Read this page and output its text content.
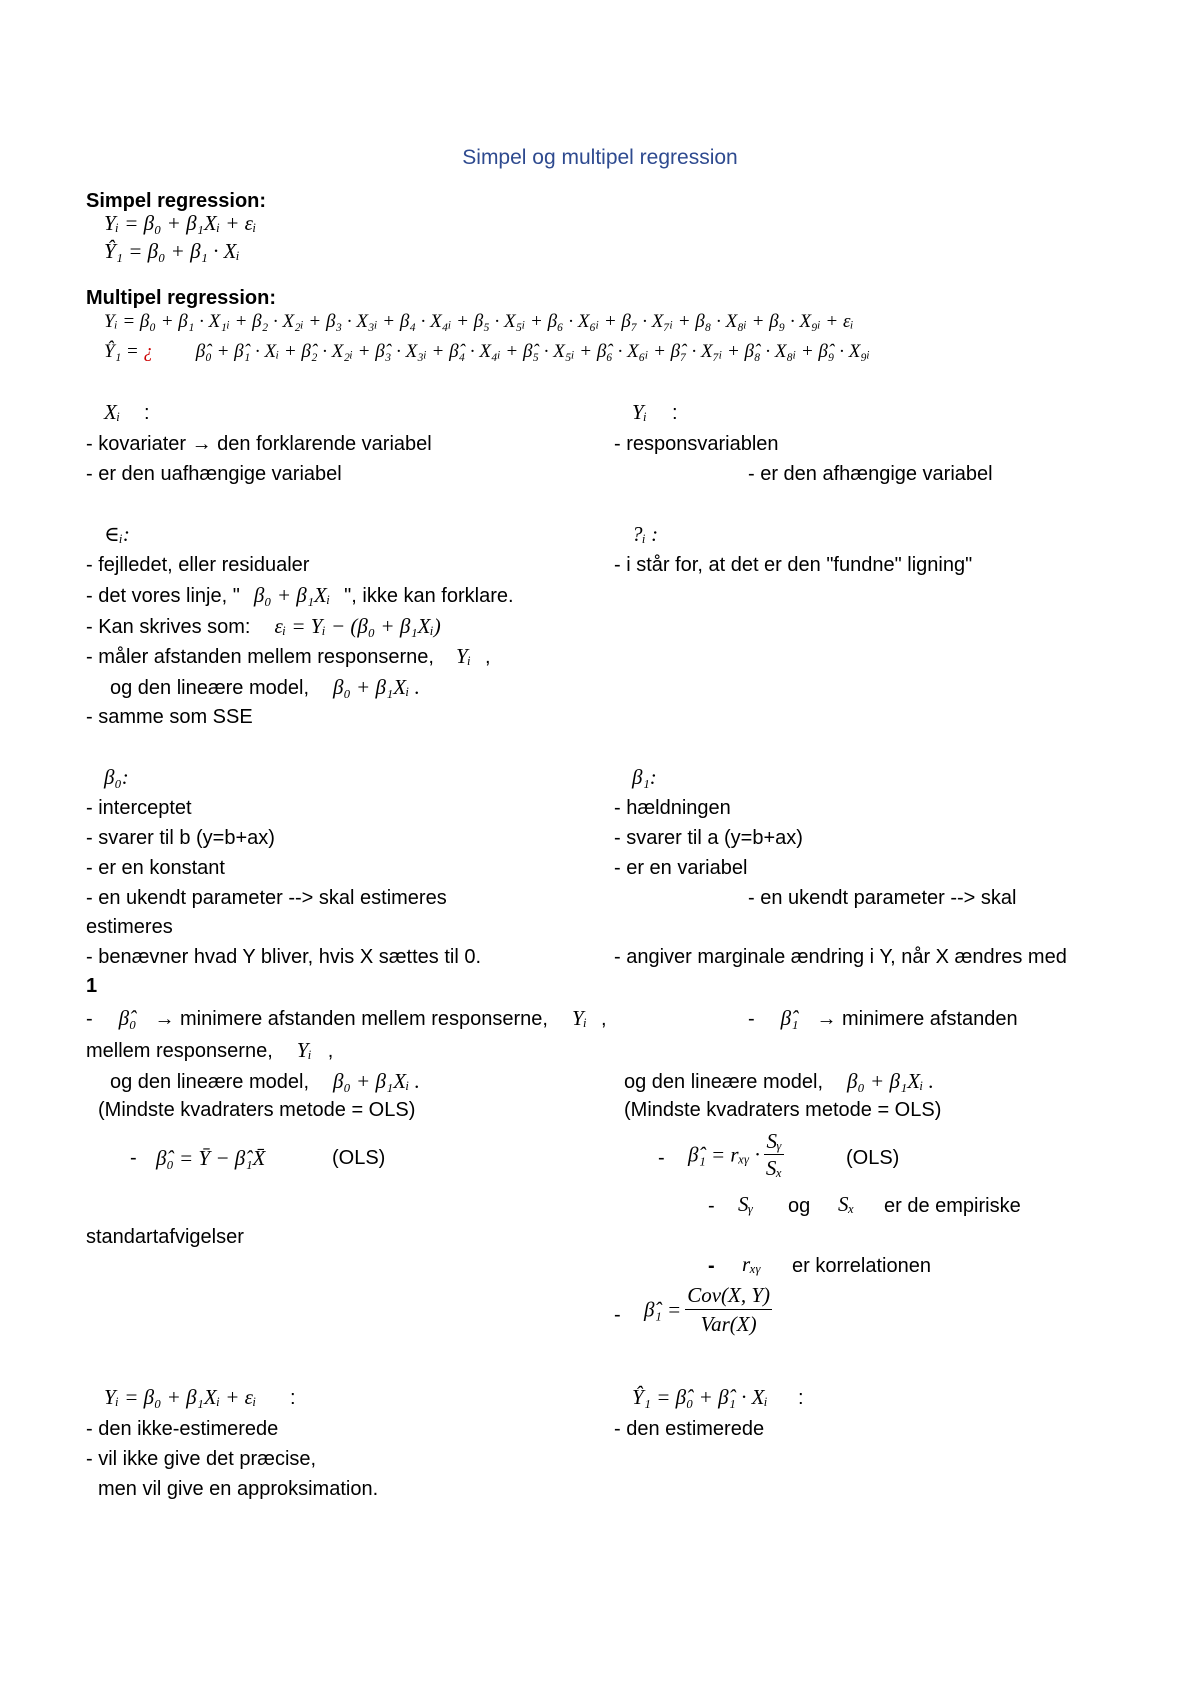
Simpel og multipel regression
Simpel regression:
Yᵢ = β₀ + β₁Xᵢ + εᵢ
Ŷ₁ = β₀ + β₁ · Xᵢ
Multipel regression:
Yᵢ = β₀ + β₁ · X₁ᵢ + β₂ · X₂ᵢ + β₃ · X₃ᵢ + β₄ · X₄ᵢ + β₅ · X₅ᵢ + β₆ · X₆ᵢ + β₇ · X₇ᵢ + β₈ · X₈ᵢ + β₉ · X₉ᵢ + εᵢ
Ŷ₁ = ¿ β̂₀ + β̂₁ · Xᵢ + β̂₂ · X₂ᵢ + β̂₃ · X₃ᵢ + β̂₄ · X₄ᵢ + β̂₅ · X₅ᵢ + β̂₆ · X₆ᵢ + β̂₇ · X₇ᵢ + β̂₈ · X₈ᵢ + β̂₉ · X₉ᵢ
Xᵢ :
- kovariater → den forklarende variabel
- er den uafhængige variabel
Yᵢ :
- responsvariablen
- er den afhængige variabel
∈ᵢ:
- fejlledet, eller residualer
- det vores linje, " β₀ + β₁Xᵢ ", ikke kan forklare.
- Kan skrives som: εᵢ = Yᵢ − (β₀ + β₁Xᵢ)
- måler afstanden mellem responserne, Yᵢ ,
og den lineære model, β₀ + β₁Xᵢ .
- samme som SSE
?ᵢ :
- i står for, at det er den "fundne" ligning"
β₀:
- interceptet
- svarer til b (y=b+ax)
- er en konstant
- en ukendt parameter --> skal estimeres
estimeres
- benævner hvad Y bliver, hvis X sættes til 0.
β₁:
- hældningen
- svarer til a (y=b+ax)
- er en variabel
- en ukendt parameter --> skal
- angiver marginale ændring i Y, når X ændres med
1
- β̂₀ → minimere afstanden mellem responserne, Yᵢ ,	- β̂₁ → minimere afstanden
mellem responserne, Yᵢ ,
og den lineære model, β₀ + β₁Xᵢ .	og den lineære model, β₀ + β₁Xᵢ .
(Mindste kvadraters metode = OLS)	(Mindste kvadraters metode = OLS)
- β̂₀ = Ȳ − β̂₁X̄	(OLS)	- β̂₁ = rₓᵧ · $\frac{\text{Sᵧ}}{\text{Sₓ}}$	(OLS)
- Sᵧ og Sₓ er de empiriske
standartafvigelser
- rₓᵧ er korrelationen
- β̂₁ = $\frac{\text{Cov(X, Y)}}{\text{Var(X)}}$
Yᵢ = β₀ + β₁Xᵢ + εᵢ :
- den ikke-estimerede
- vil ikke give det præcise,
men vil give en approksimation.
Ŷ₁ = β̂₀ + β̂₁ · Xᵢ :
- den estimerede
